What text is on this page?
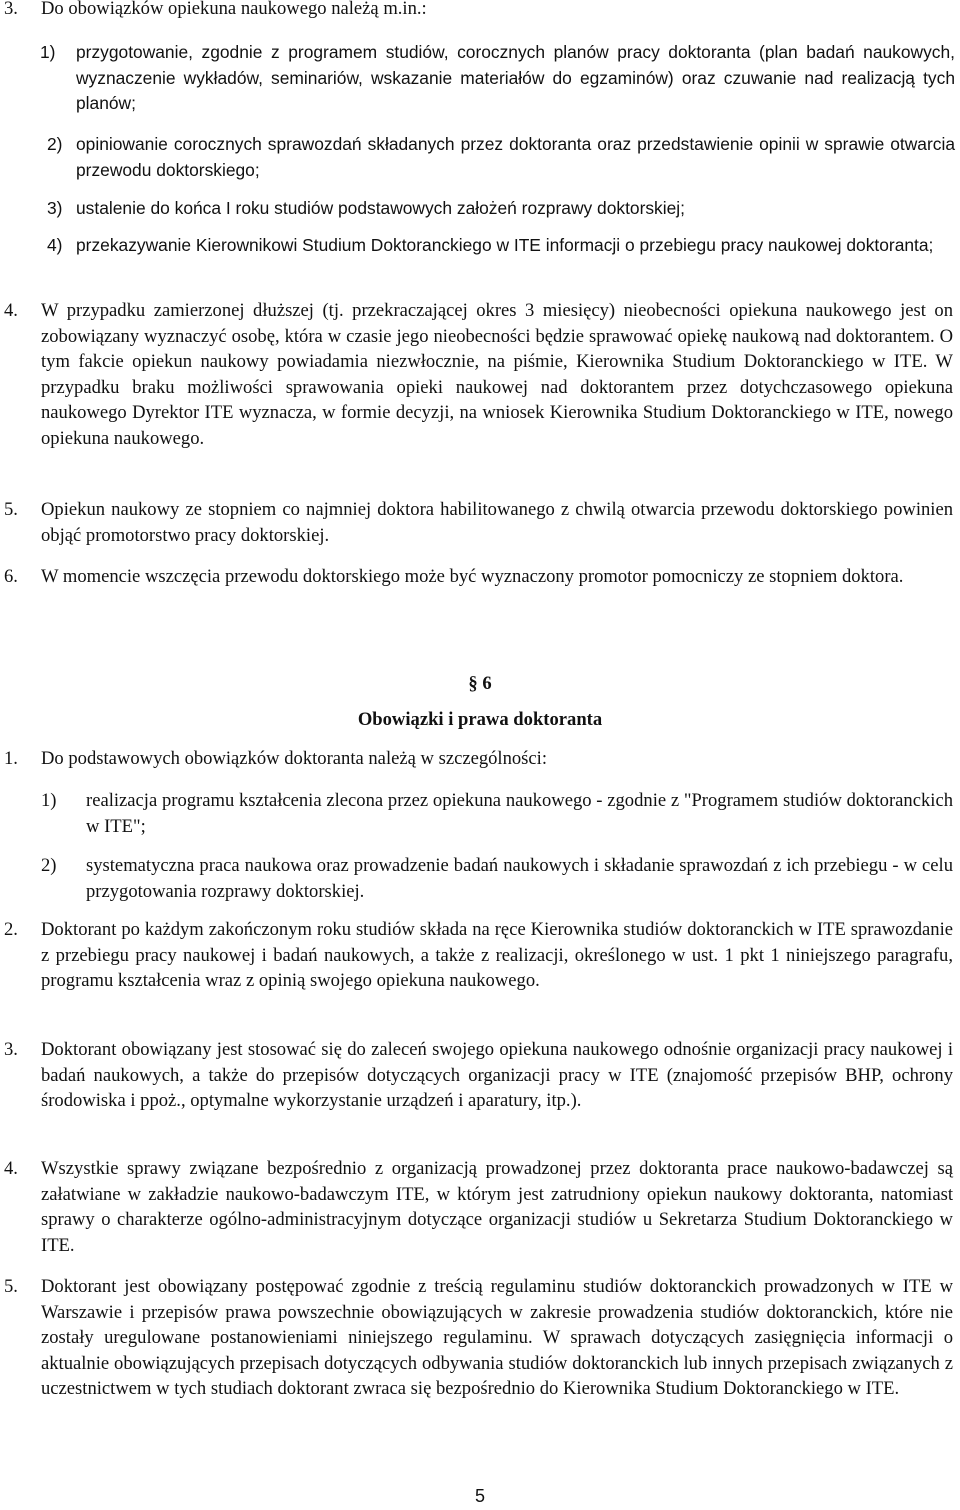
3. Do obowiązków opiekuna naukowego należą m.in.:
1) przygotowanie, zgodnie z programem studiów, corocznych planów pracy doktoranta (plan badań naukowych, wyznaczenie wykładów, seminariów, wskazanie materiałów do egzaminów) oraz czuwanie nad realizacją tych planów;
2) opiniowanie corocznych sprawozdań składanych przez doktoranta oraz przedstawienie opinii w sprawie otwarcia przewodu doktorskiego;
3) ustalenie do końca I roku studiów podstawowych założeń rozprawy doktorskiej;
4) przekazywanie Kierownikowi Studium Doktoranckiego w ITE informacji o przebiegu pracy naukowej doktoranta;
4. W przypadku zamierzonej dłuższej (tj. przekraczającej okres 3 miesięcy) nieobecności opiekuna naukowego jest on zobowiązany wyznaczyć osobę, która w czasie jego nieobecności będzie sprawować opiekę naukową nad doktorantem. O tym fakcie opiekun naukowy powiadamia niezwłocznie, na piśmie, Kierownika Studium Doktoranckiego w ITE. W przypadku braku możliwości sprawowania opieki naukowej nad doktorantem przez dotychczasowego opiekuna naukowego Dyrektor ITE wyznacza, w formie decyzji, na wniosek Kierownika Studium Doktoranckiego w ITE, nowego opiekuna naukowego.
5. Opiekun naukowy ze stopniem co najmniej doktora habilitowanego z chwilą otwarcia przewodu doktorskiego powinien objąć promotorstwo pracy doktorskiej.
6. W momencie wszczęcia przewodu doktorskiego może być wyznaczony promotor pomocniczy ze stopniem doktora.
§ 6
Obowiązki i prawa doktoranta
1. Do podstawowych obowiązków doktoranta należą w szczególności:
1) realizacja programu kształcenia zlecona przez opiekuna naukowego - zgodnie z "Programem studiów doktoranckich w ITE";
2) systematyczna praca naukowa oraz prowadzenie badań naukowych i składanie sprawozdań z ich przebiegu - w celu przygotowania rozprawy doktorskiej.
2. Doktorant po każdym zakończonym roku studiów składa na ręce Kierownika studiów doktoranckich w ITE sprawozdanie z przebiegu pracy naukowej i badań naukowych, a także z realizacji, określonego w ust. 1 pkt 1 niniejszego paragrafu, programu kształcenia wraz z opinią swojego opiekuna naukowego.
3. Doktorant obowiązany jest stosować się do zaleceń swojego opiekuna naukowego odnośnie organizacji pracy naukowej i badań naukowych, a także do przepisów dotyczących organizacji pracy w ITE (znajomość przepisów BHP, ochrony środowiska i ppoż., optymalne wykorzystanie urządzeń i aparatury, itp.).
4. Wszystkie sprawy związane bezpośrednio z organizacją prowadzonej przez doktoranta prace naukowo-badawczej są załatwiane w zakładzie naukowo-badawczym ITE, w którym jest zatrudniony opiekun naukowy doktoranta, natomiast sprawy o charakterze ogólno-administracyjnym dotyczące organizacji studiów u Sekretarza Studium Doktoranckiego w ITE.
5. Doktorant jest obowiązany postępować zgodnie z treścią regulaminu studiów doktoranckich prowadzonych w ITE w Warszawie i przepisów prawa powszechnie obowiązujących w zakresie prowadzenia studiów doktoranckich, które nie zostały uregulowane postanowieniami niniejszego regulaminu. W sprawach dotyczących zasięgnięcia informacji o aktualnie obowiązujących przepisach dotyczących odbywania studiów doktoranckich lub innych przepisach związanych z uczestnictwem w tych studiach doktorant zwraca się bezpośrednio do Kierownika Studium Doktoranckiego w ITE.
5
